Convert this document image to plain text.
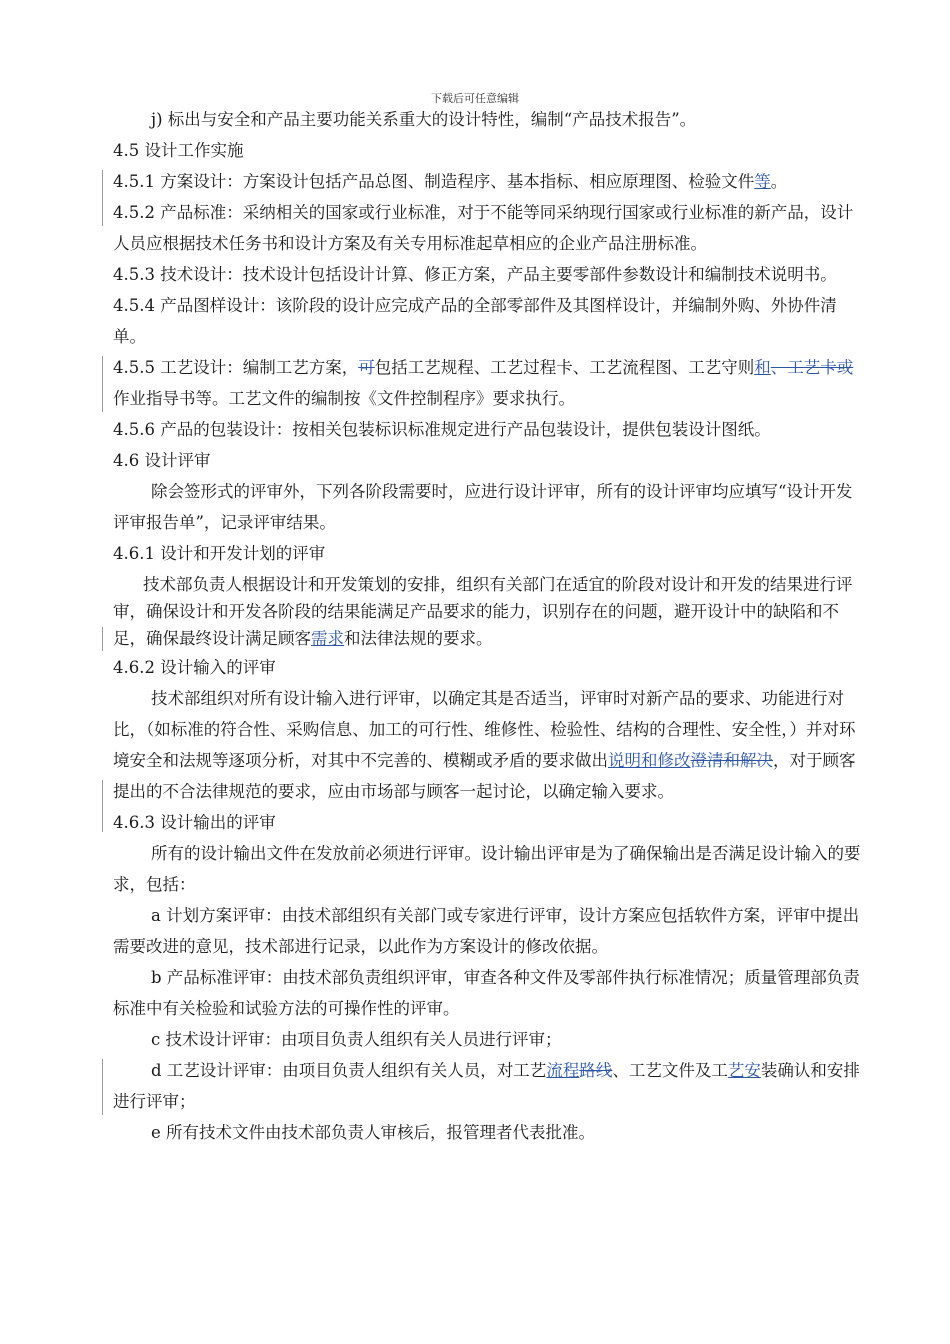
下载后可任意编辑

j) 标出与安全和产品主要功能关系重大的设计特性，编制“产品技术报告”。

4.5 设计工作实施

4.5.1 方案设计：方案设计包括产品总图、制造程序、基本指标、相应原理图、检验文件等。

4.5.2 产品标准：采纳相关的国家或行业标准，对于不能等同采纳现行国家或行业标准的新产品，设计人员应根据技术任务书和设计方案及有关专用标准起草相应的企业产品注册标准。

4.5.3 技术设计：技术设计包括设计计算、修正方案，产品主要零部件参数设计和编制技术说明书。

4.5.4 产品图样设计：该阶段的设计应完成产品的全部零部件及其图样设计，并编制外购、外协件清单。

4.5.5 工艺设计：编制工艺方案，可包括工艺规程、工艺过程卡、工艺流程图、工艺守则和、工艺卡或作业指导书等。工艺文件的编制按《文件控制程序》要求执行。

4.5.6 产品的包装设计：按相关包装标识标准规定进行产品包装设计，提供包装设计图纸。

4.6 设计评审

除会签形式的评审外，下列各阶段需要时，应进行设计评审，所有的设计评审均应填写“设计开发评审报告单”，记录评审结果。

4.6.1 设计和开发计划的评审

技术部负责人根据设计和开发策划的安排，组织有关部门在适宜的阶段对设计和开发的结果进行评审，确保设计和开发各阶段的结果能满足产品要求的能力，识别存在的问题，避开设计中的缺陷和不足，确保最终设计满足顾客需求和法律法规的要求。

4.6.2 设计输入的评审

技术部组织对所有设计输入进行评审，以确定其是否适当，评审时对新产品的要求、功能进行对比，（如标准的符合性、采购信息、加工的可行性、维修性、检验性、结构的合理性、安全性，）并对环境安全和法规等逐项分析，对其中不完善的、模糊或矛盾的要求做出说明和修改澄清和解决，对于顾客提出的不合法律规范的要求，应由市场部与顾客一起讨论，以确定输入要求。

4.6.3 设计输出的评审

所有的设计输出文件在发放前必须进行评审。设计输出评审是为了确保输出是否满足设计输入的要求，包括：

a 计划方案评审：由技术部组织有关部门或专家进行评审，设计方案应包括软件方案，评审中提出需要改进的意见，技术部进行记录，以此作为方案设计的修改依据。

b 产品标准评审：由技术部负责组织评审，审查各种文件及零部件执行标准情况；质量管理部负责标准中有关检验和试验方法的可操作性的评审。

c 技术设计评审：由项目负责人组织有关人员进行评审；

d 工艺设计评审：由项目负责人组织有关人员，对工艺流程路线、工艺文件及工艺安装确认和安排进行评审；

e 所有技术文件由技术部负责人审核后，报管理者代表批准。
